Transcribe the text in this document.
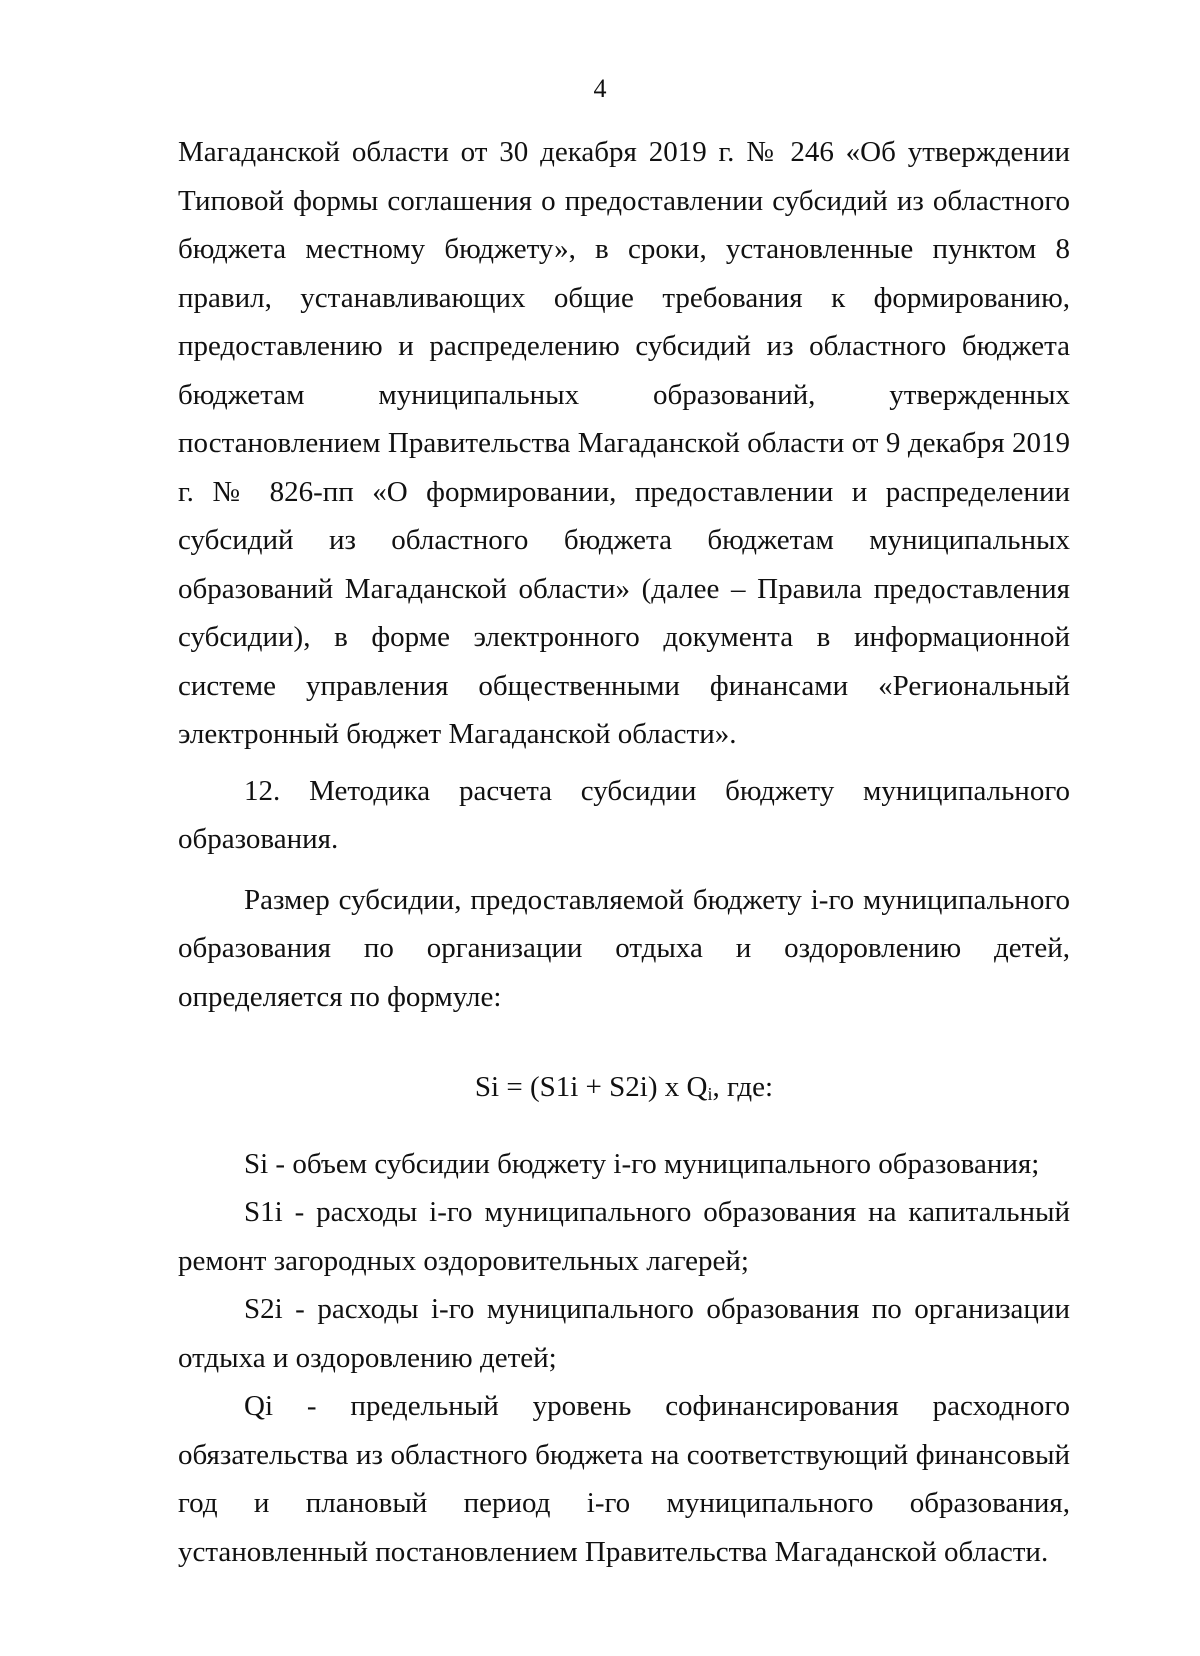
4

Магаданской области от 30 декабря 2019 г. № 246 «Об утверждении Типовой формы соглашения о предоставлении субсидий из областного бюджета местному бюджету», в сроки, установленные пунктом 8 правил, устанавливающих общие требования к формированию, предоставлению и распределению субсидий из областного бюджета бюджетам муниципальных образований, утвержденных постановлением Правительства Магаданской области от 9 декабря 2019 г. № 826-пп «О формировании, предоставлении и распределении субсидий из областного бюджета бюджетам муниципальных образований Магаданской области» (далее – Правила предоставления субсидии), в форме электронного документа в информационной системе управления общественными финансами «Региональный электронный бюджет Магаданской области».

12. Методика расчета субсидии бюджету муниципального образования.

Размер субсидии, предоставляемой бюджету i-го муниципального образования по организации отдыха и оздоровлению детей, определяется по формуле:

Si = (S1i + S2i) x $Q_i$, где:

Si - объем субсидии бюджету i-го муниципального образования;

S1i - расходы i-го муниципального образования на капитальный ремонт загородных оздоровительных лагерей;

S2i - расходы i-го муниципального образования по организации отдыха и оздоровлению детей;

Qi - предельный уровень софинансирования расходного обязательства из областного бюджета на соответствующий финансовый год и плановый период i-го муниципального образования, установленный постановлением Правительства Магаданской области.
